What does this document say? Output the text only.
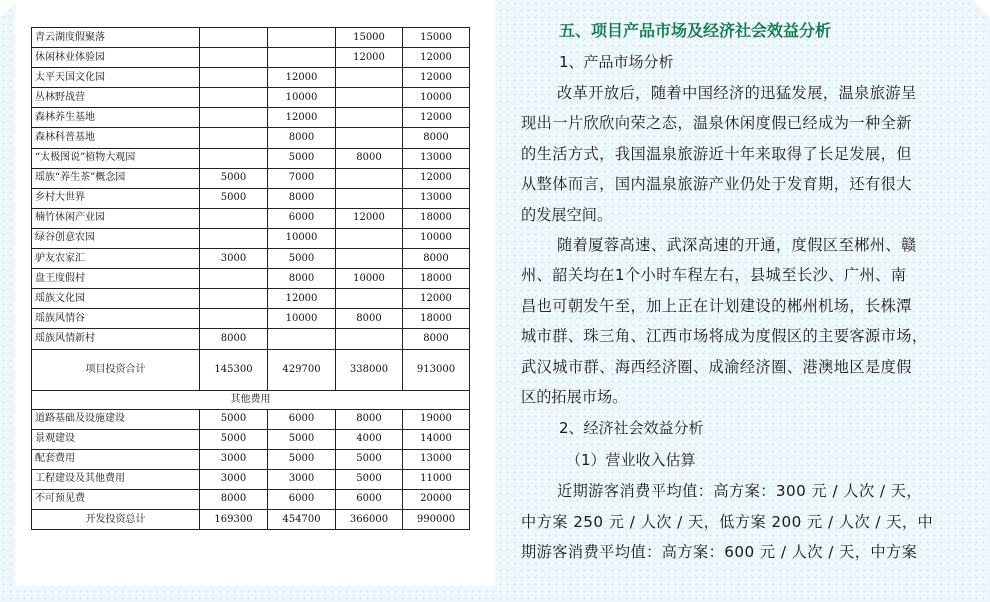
青云湖度假聚落			15000	15000
休闲林业体验园			12000	12000
太平天国文化园		12000		12000
丛林野战营		10000		10000
森林养生基地		12000		12000
森林科普基地		8000		8000
“太极图说”植物大观园		5000	8000	13000
瑶族“养生茶”概念园	5000	7000		12000
乡村大世界	5000	8000		13000
楠竹休闲产业园		6000	12000	18000
绿谷创意农园		10000		10000
驴友农家汇	3000	5000		8000
盘王度假村		8000	10000	18000
瑶族文化园		12000		12000
瑶族风情谷		10000	8000	18000
瑶族风情新村	8000			8000
项目投资合计	145300	429700	338000	913000
其他费用				
道路基础及设施建设	5000	6000	8000	19000
景观建设	5000	5000	4000	14000
配套费用	3000	5000	5000	13000
工程建设及其他费用	3000	3000	5000	11000
不可预见费	8000	6000	6000	20000
开发投资总计	169300	454700	366000	990000
五、项目产品市场及经济社会效益分析
1、产品市场分析

改革开放后，随着中国经济的迅猛发展，温泉旅游呈
现出一片欣欣向荣之态，温泉休闲度假已经成为一种全新
的生活方式，我国温泉旅游近十年来取得了长足发展，但
从整体而言，国内温泉旅游产业仍处于发育期，还有很大
的发展空间。

随着厦蓉高速、武深高速的开通，度假区至郴州、赣
州、韶关均在1个小时车程左右，县城至长沙、广州、南
昌也可朝发午至，加上正在计划建设的郴州机场，长株潭
城市群、珠三角、江西市场将成为度假区的主要客源市场，
武汉城市群、海西经济圈、成渝经济圈、港澳地区是度假
区的拓展市场。

2、经济社会效益分析
（1）营业收入估算

近期游客消费平均值：高方案：300 元 / 人次 / 天，
中方案 250 元 / 人次 / 天，低方案 200 元 / 人次 / 天，中
期游客消费平均值：高方案：600 元 / 人次 / 天，中方案
